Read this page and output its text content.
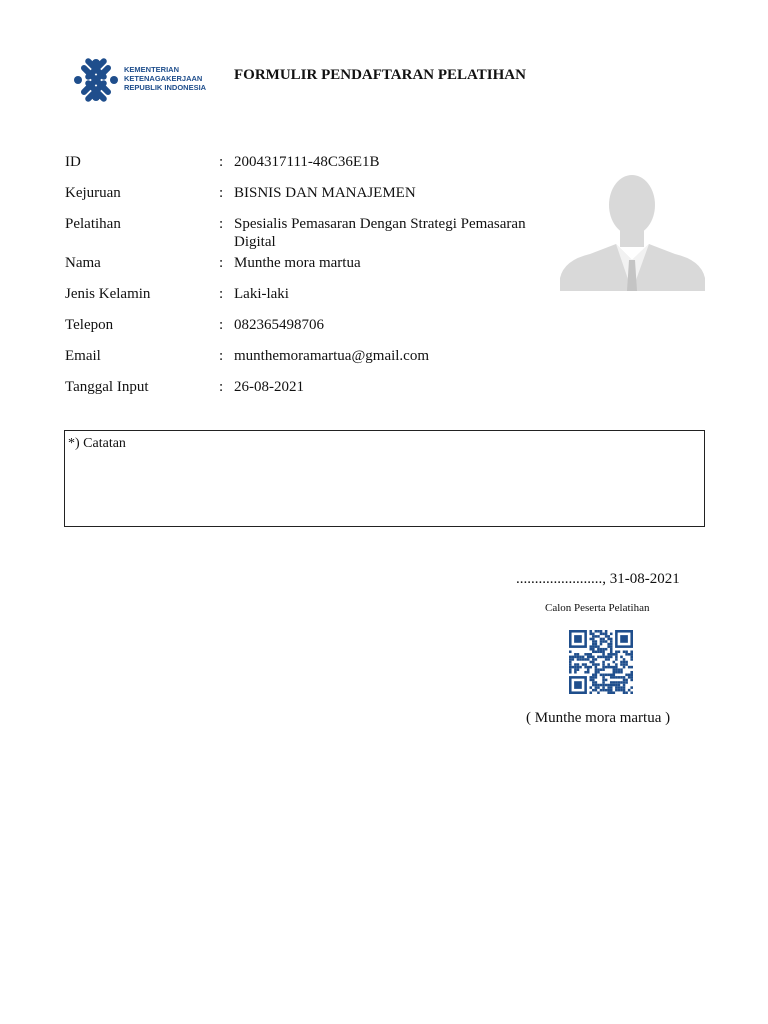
KEMENTERIAN
KETENAGAKERJAAN
REPUBLIK INDONESIA
FORMULIR PENDAFTARAN PELATIHAN
ID	: 2004317111-48C36E1B
Kejuruan	: BISNIS DAN MANAJEMEN
Pelatihan	: Spesialis Pemasaran Dengan Strategi Pemasaran Digital
Nama	: Munthe mora martua
Jenis Kelamin	: Laki-laki
Telepon	: 082365498706
Email	: munthemoramartua@gmail.com
Tanggal Input	: 26-08-2021
*) Catatan
......................., 31-08-2021
Calon Peserta Pelatihan
( Munthe mora martua )
